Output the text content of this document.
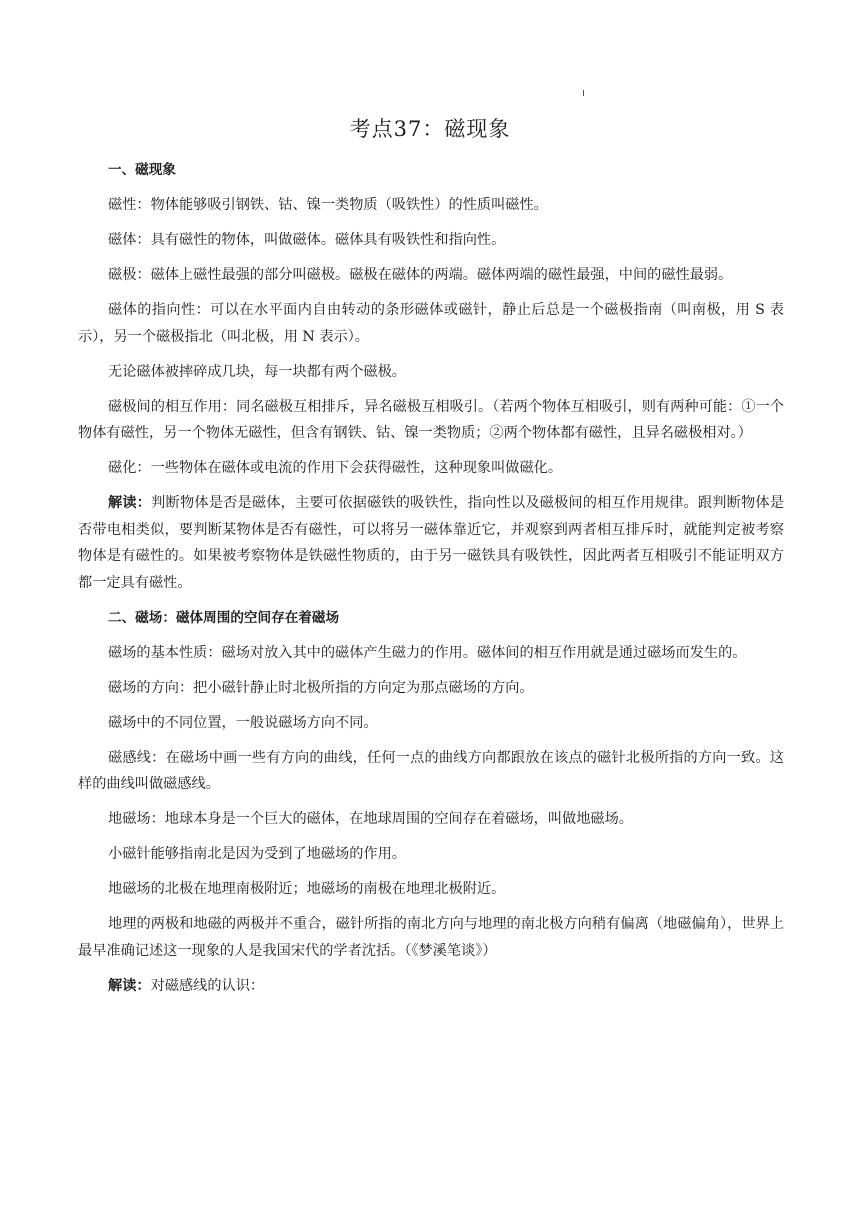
考点37：磁现象

一、磁现象

磁性：物体能够吸引钢铁、钴、镍一类物质（吸铁性）的性质叫磁性。

磁体：具有磁性的物体，叫做磁体。磁体具有吸铁性和指向性。

磁极：磁体上磁性最强的部分叫磁极。磁极在磁体的两端。磁体两端的磁性最强，中间的磁性最弱。

磁体的指向性：可以在水平面内自由转动的条形磁体或磁针，静止后总是一个磁极指南（叫南极，用 S 表示），另一个磁极指北（叫北极，用 N 表示）。

无论磁体被摔碎成几块，每一块都有两个磁极。

磁极间的相互作用：同名磁极互相排斥，异名磁极互相吸引。（若两个物体互相吸引，则有两种可能：①一个物体有磁性，另一个物体无磁性，但含有钢铁、钴、镍一类物质；②两个物体都有磁性，且异名磁极相对。）

磁化：一些物体在磁体或电流的作用下会获得磁性，这种现象叫做磁化。

解读：判断物体是否是磁体，主要可依据磁铁的吸铁性，指向性以及磁极间的相互作用规律。跟判断物体是否带电相类似，要判断某物体是否有磁性，可以将另一磁体靠近它，并观察到两者相互排斥时，就能判定被考察物体是有磁性的。如果被考察物体是铁磁性物质的，由于另一磁铁具有吸铁性，因此两者互相吸引不能证明双方都一定具有磁性。

二、磁场：磁体周围的空间存在着磁场

磁场的基本性质：磁场对放入其中的磁体产生磁力的作用。磁体间的相互作用就是通过磁场而发生的。

磁场的方向：把小磁针静止时北极所指的方向定为那点磁场的方向。

磁场中的不同位置，一般说磁场方向不同。

磁感线：在磁场中画一些有方向的曲线，任何一点的曲线方向都跟放在该点的磁针北极所指的方向一致。这样的曲线叫做磁感线。

地磁场：地球本身是一个巨大的磁体，在地球周围的空间存在着磁场，叫做地磁场。

小磁针能够指南北是因为受到了地磁场的作用。

地磁场的北极在地理南极附近；地磁场的南极在地理北极附近。

地理的两极和地磁的两极并不重合，磁针所指的南北方向与地理的南北极方向稍有偏离（地磁偏角），世界上最早准确记述这一现象的人是我国宋代的学者沈括。（《梦溪笔谈》）

解读：对磁感线的认识：
